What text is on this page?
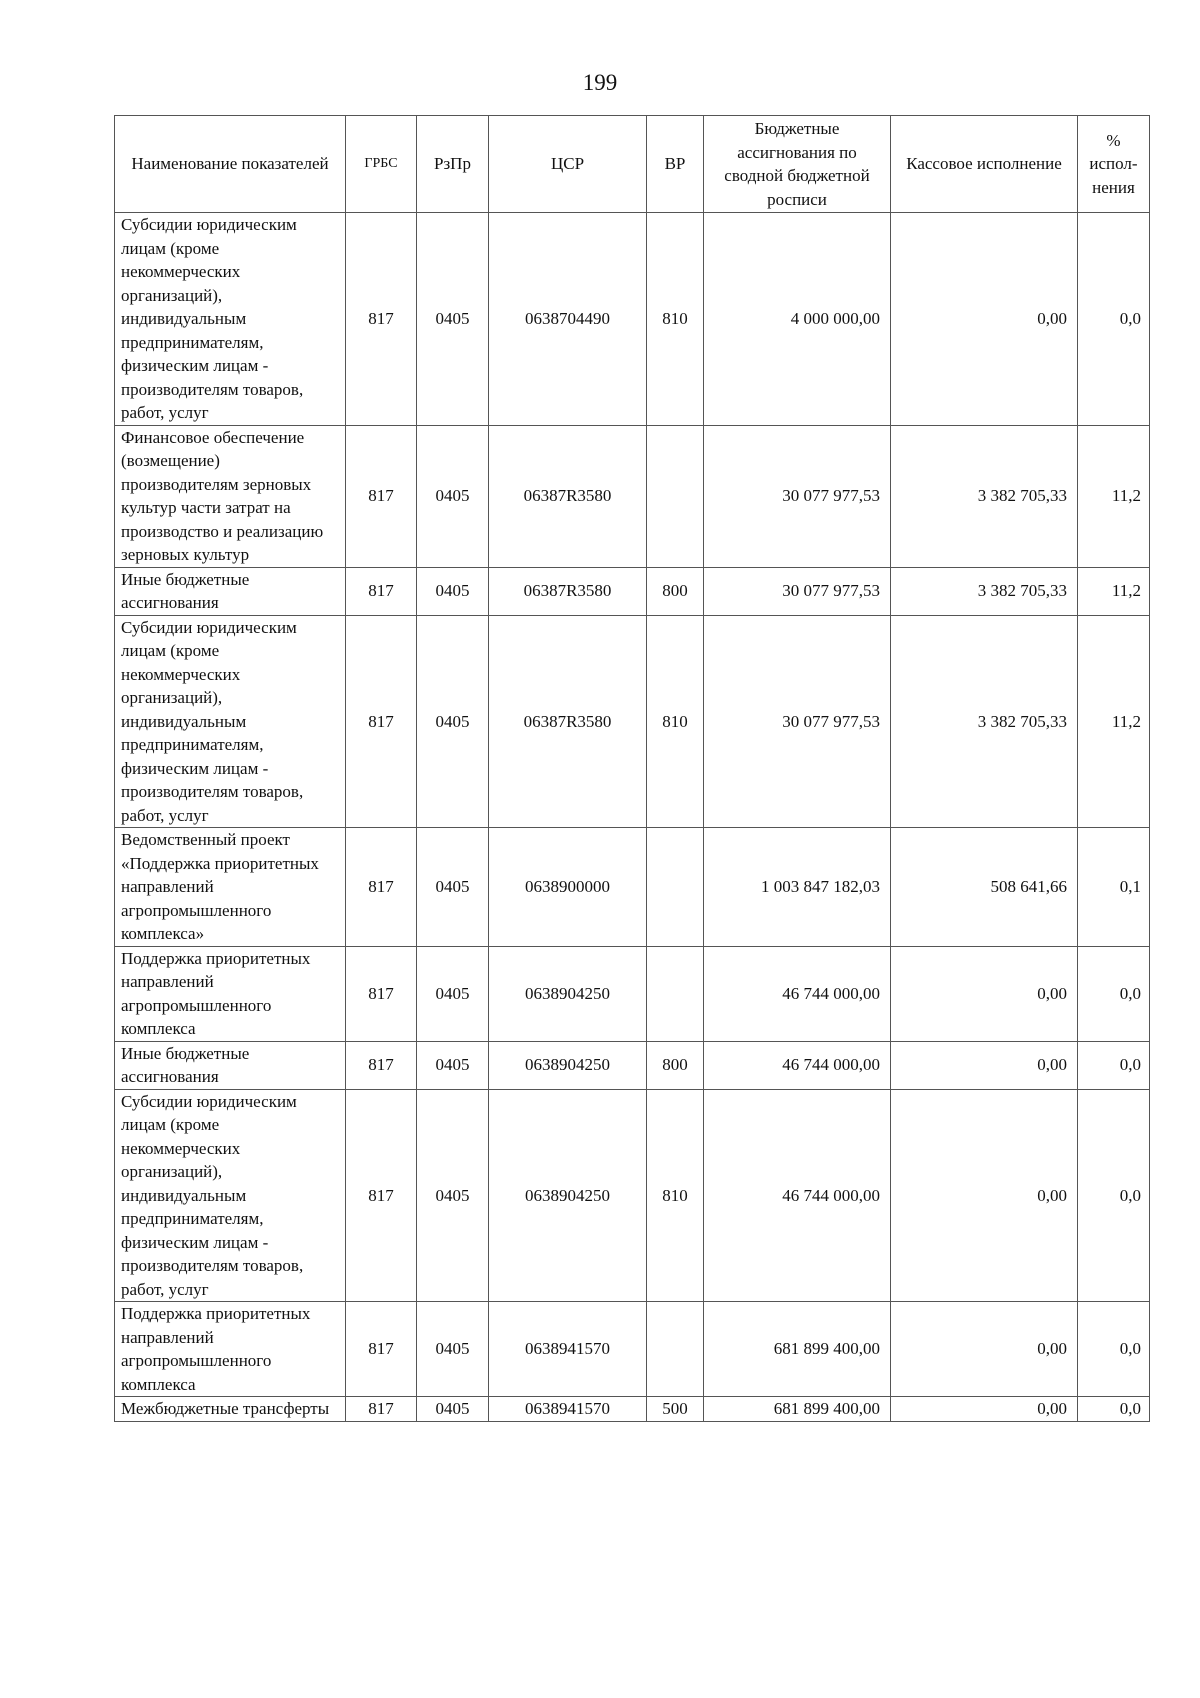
199
Наименование показателей	ГРБС	РзПр	ЦСР	ВР	Бюджетные ассигнования по сводной бюджетной росписи	Кассовое исполнение	% испол-нения
Субсидии юридическим лицам (кроме некоммерческих организаций), индивидуальным предпринимателям, физическим лицам - производителям товаров, работ, услуг	817	0405	0638704490	810	4 000 000,00	0,00	0,0
Финансовое обеспечение (возмещение) производителям зерновых культур части затрат на производство и реализацию зерновых культур	817	0405	06387R3580		30 077 977,53	3 382 705,33	11,2
Иные бюджетные ассигнования	817	0405	06387R3580	800	30 077 977,53	3 382 705,33	11,2
Субсидии юридическим лицам (кроме некоммерческих организаций), индивидуальным предпринимателям, физическим лицам - производителям товаров, работ, услуг	817	0405	06387R3580	810	30 077 977,53	3 382 705,33	11,2
Ведомственный проект «Поддержка приоритетных направлений агропромышленного комплекса»	817	0405	0638900000		1 003 847 182,03	508 641,66	0,1
Поддержка приоритетных направлений агропромышленного комплекса	817	0405	0638904250		46 744 000,00	0,00	0,0
Иные бюджетные ассигнования	817	0405	0638904250	800	46 744 000,00	0,00	0,0
Субсидии юридическим лицам (кроме некоммерческих организаций), индивидуальным предпринимателям, физическим лицам - производителям товаров, работ, услуг	817	0405	0638904250	810	46 744 000,00	0,00	0,0
Поддержка приоритетных направлений агропромышленного комплекса	817	0405	0638941570		681 899 400,00	0,00	0,0
Межбюджетные трансферты	817	0405	0638941570	500	681 899 400,00	0,00	0,0
